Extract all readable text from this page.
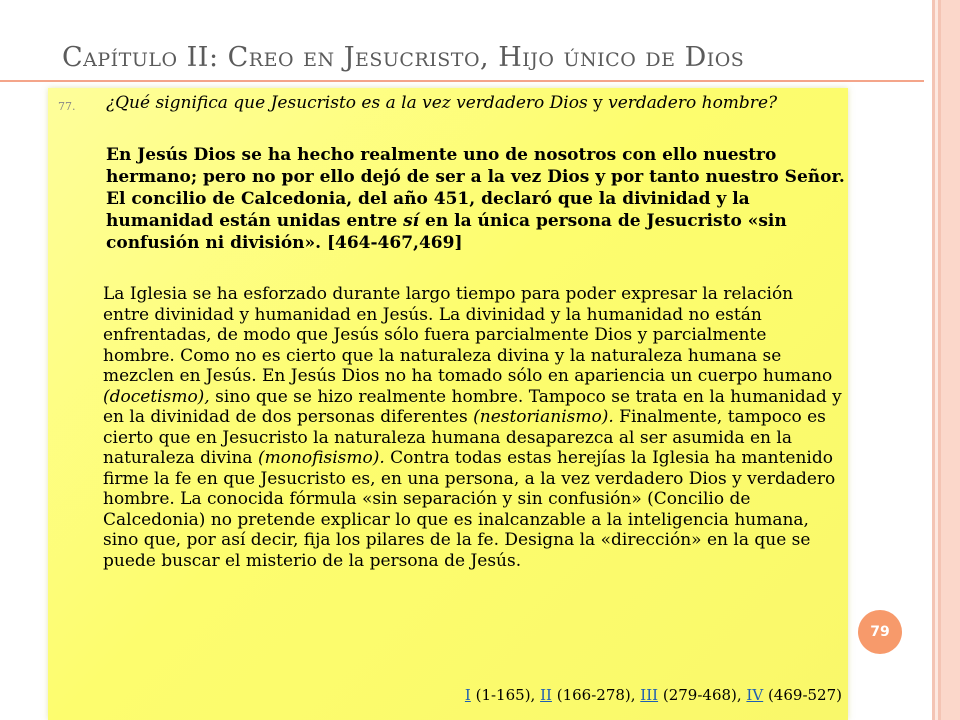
Capítulo II: Creo en Jesucristo, Hijo único de Dios
77. ¿Qué significa que Jesucristo es a la vez verdadero Dios y verdadero hombre?
En Jesús Dios se ha hecho realmente uno de nosotros con ello nuestro hermano; pero no por ello dejó de ser a la vez Dios y por tanto nuestro Señor. El concilio de Calcedonia, del año 451, declaró que la divinidad y la humanidad están unidas entre sí en la única persona de Jesucristo «sin confusión ni división». [464-467,469]
La Iglesia se ha esforzado durante largo tiempo para poder expresar la relación entre divinidad y humanidad en Jesús. La divinidad y la humanidad no están enfrentadas, de modo que Jesús sólo fuera parcialmente Dios y parcialmente hombre. Como no es cierto que la naturaleza divina y la naturaleza humana se mezclen en Jesús. En Jesús Dios no ha tomado sólo en apariencia un cuerpo humano (docetismo), sino que se hizo realmente hombre. Tampoco se trata en la humanidad y en la divinidad de dos personas diferentes (nestorianismo). Finalmente, tampoco es cierto que en Jesucristo la naturaleza humana desaparezca al ser asumida en la naturaleza divina (monofisismo). Contra todas estas herejías la Iglesia ha mantenido firme la fe en que Jesucristo es, en una persona, a la vez verdadero Dios y verdadero hombre. La conocida fórmula «sin separación y sin confusión» (Concilio de Calcedonia) no pretende explicar lo que es inalcanzable a la inteligencia humana, sino que, por así decir, fija los pilares de la fe. Designa la «dirección» en la que se puede buscar el misterio de la persona de Jesús.
I (1-165), II (166-278), III (279-468), IV (469-527)
79
